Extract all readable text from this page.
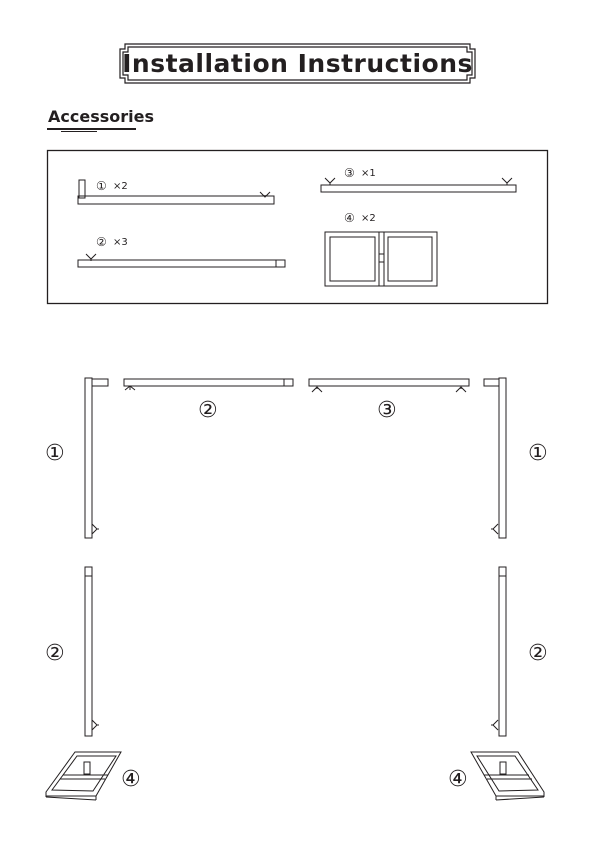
Installation Instructions
Accessories
① ×2
② ×3
③ ×1
④ ×2
②	③
①	①
②	②
④	④
